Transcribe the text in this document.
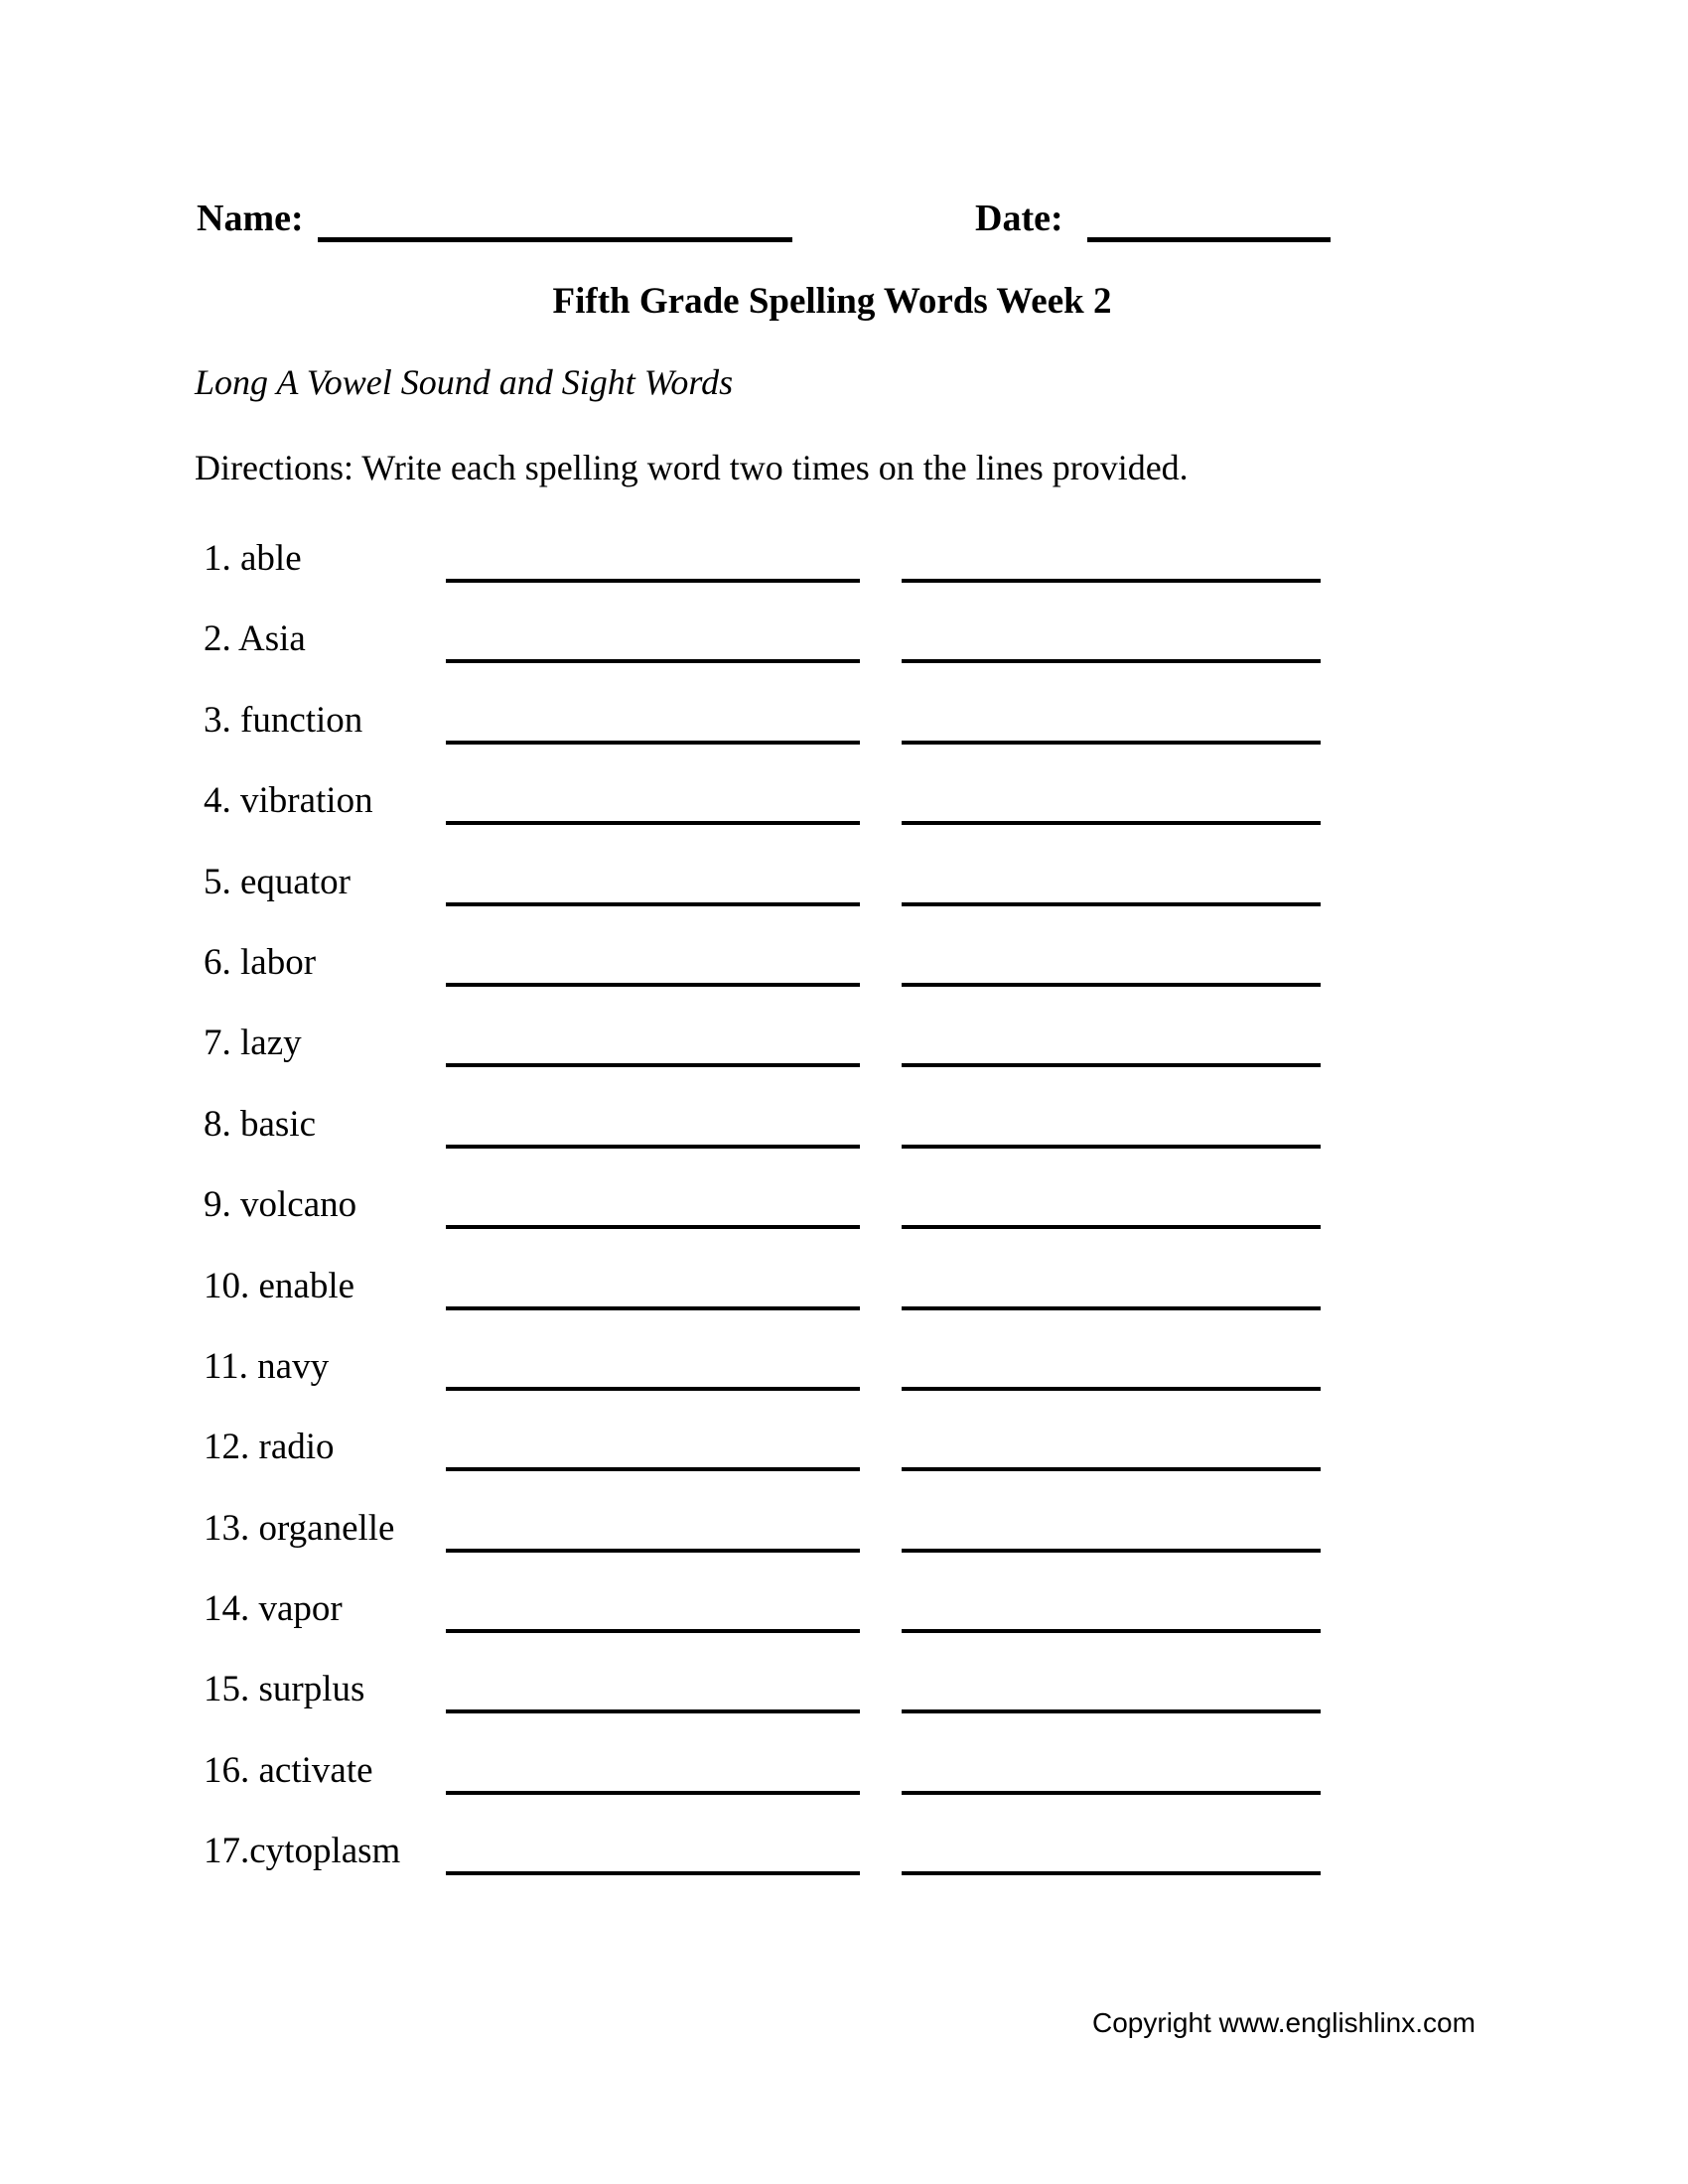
Name:	Date:
Fifth Grade Spelling Words Week 2
Long A Vowel Sound and Sight Words
Directions: Write each spelling word two times on the lines provided.
1. able
2. Asia
3. function
4. vibration
5. equator
6. labor
7. lazy
8. basic
9. volcano
10. enable
11. navy
12. radio
13. organelle
14. vapor
15. surplus
16. activate
17.cytoplasm
Copyright www.englishlinx.com
